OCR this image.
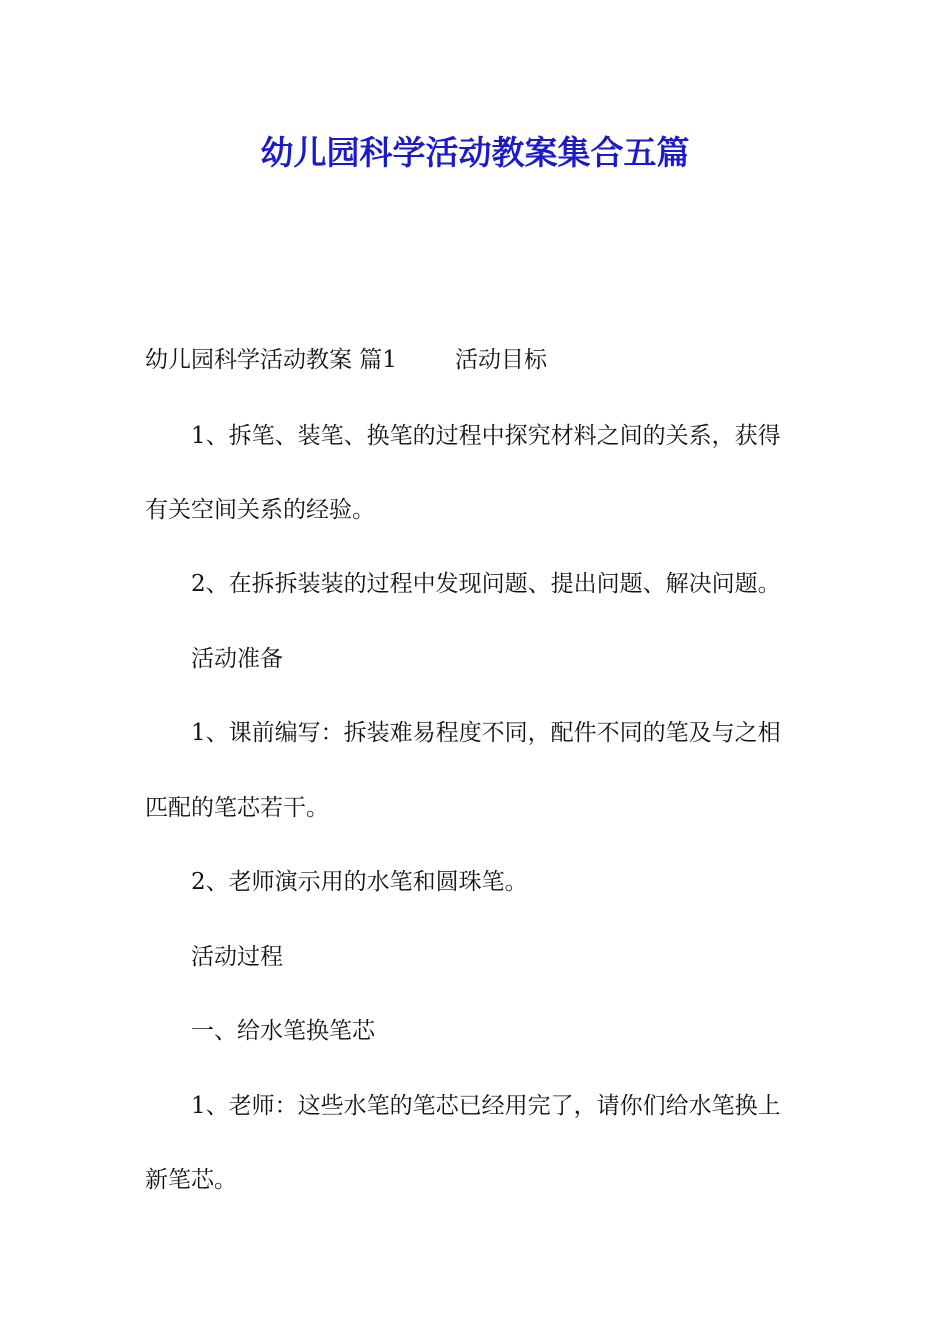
幼儿园科学活动教案集合五篇
幼儿园科学活动教案 篇1	活动目标
1、拆笔、装笔、换笔的过程中探究材料之间的关系，获得
有关空间关系的经验。
2、在拆拆装装的过程中发现问题、提出问题、解决问题。
活动准备
1、课前编写：拆装难易程度不同，配件不同的笔及与之相
匹配的笔芯若干。
2、老师演示用的水笔和圆珠笔。
活动过程
一、给水笔换笔芯
1、老师：这些水笔的笔芯已经用完了，请你们给水笔换上
新笔芯。
